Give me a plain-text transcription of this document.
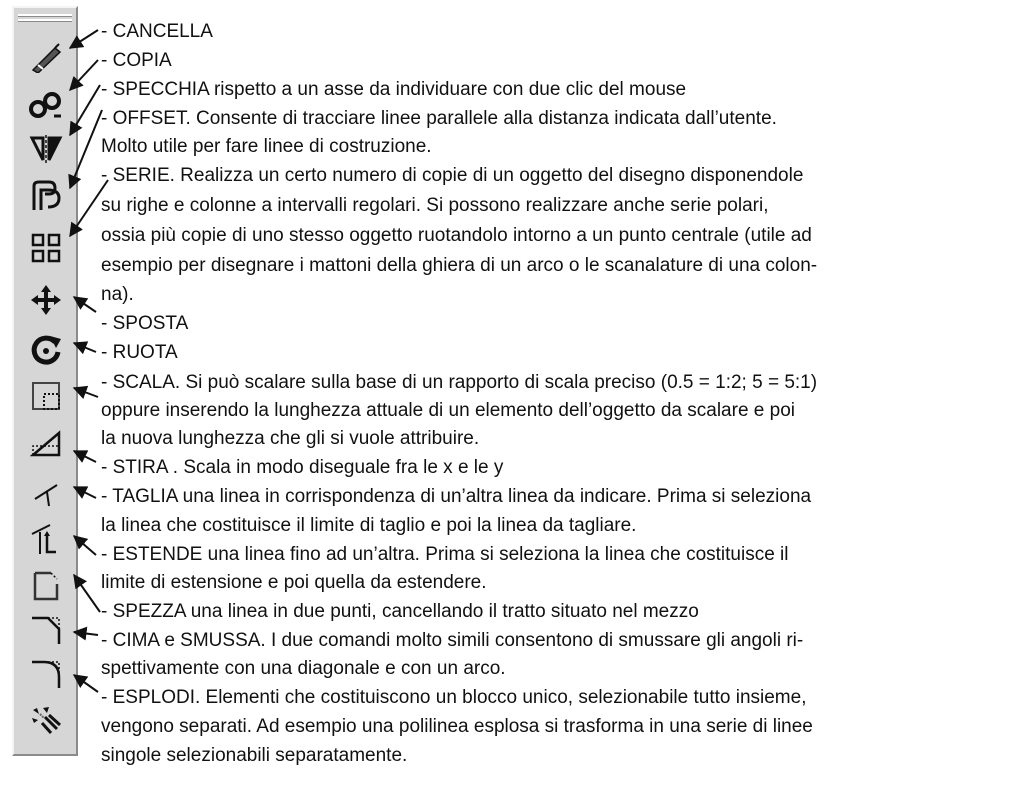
- CANCELLA

- COPIA

- SPECCHIA rispetto a un asse da individuare con due clic del mouse

- OFFSET. Consente di tracciare linee parallele alla distanza indicata dall’utente.

Molto utile per fare linee di costruzione.

- SERIE. Realizza un certo numero di copie di un oggetto del disegno disponendole

su righe e colonne a intervalli regolari. Si possono realizzare anche serie polari,

ossia più copie di uno stesso oggetto ruotandolo intorno a un punto centrale (utile ad

esempio per disegnare i mattoni della ghiera di un arco o le scanalature di una colon-

na).

- SPOSTA

- RUOTA

- SCALA. Si può scalare sulla base di un rapporto di scala preciso (0.5 = 1:2; 5 = 5:1)

oppure inserendo la lunghezza attuale di un elemento dell’oggetto da scalare e poi

la nuova lunghezza che gli si vuole attribuire.

- STIRA . Scala in modo diseguale fra le x e le y

- TAGLIA una linea in corrispondenza di un’altra linea da indicare. Prima si seleziona

la linea che costituisce il limite di taglio e poi la linea da tagliare.

- ESTENDE una linea fino ad un’altra. Prima si seleziona la linea che costituisce il

limite di estensione e poi quella da estendere.

- SPEZZA una linea in due punti, cancellando il tratto situato nel mezzo

- CIMA e SMUSSA. I due comandi molto simili consentono di smussare gli angoli ri-

spettivamente con una diagonale e con un arco.

- ESPLODI. Elementi che costituiscono un blocco unico, selezionabile tutto insieme,

vengono separati. Ad esempio una polilinea esplosa si trasforma in una serie di linee

singole selezionabili separatamente.
